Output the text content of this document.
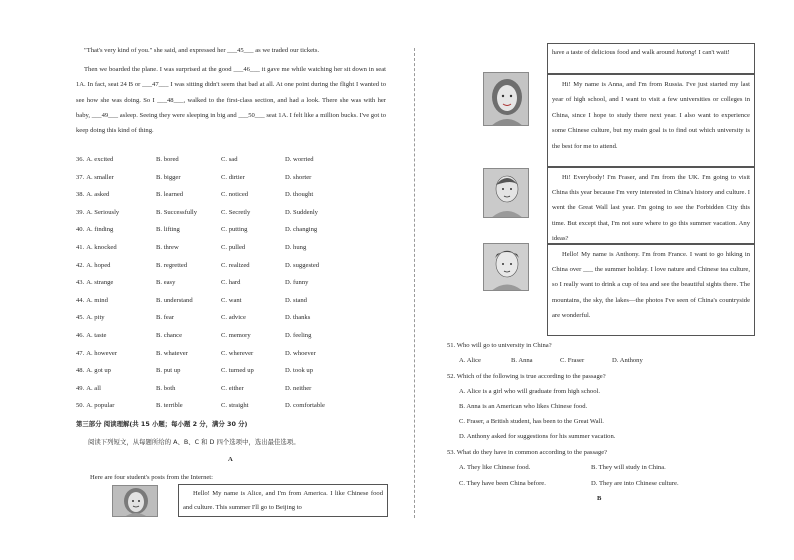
"That's very kind of you." she said, and expressed her ___45___ as we traded our tickets.
Then we boarded the plane. I was surprised at the good ___46___ it gave me while watching her sit down in seat 1A. In fact, seat 24 B or ___47___ I was sitting didn't seem that bad at all. At one point during the flight I wanted to see how she was doing. So I ___48___, walked to the first-class section, and had a look. There she was with her baby, ___49___ asleep. Seeing they were sleeping in big and ___50___ seat 1A. I felt like a million bucks. I've got to keep doing this kind of thing.
36. A. excited	B. bored	C. sad	D. worried
37. A. smaller	B. bigger	C. dirtier	D. shorter
38. A. asked	B. learned	C. noticed	D. thought
39. A. Seriously	B. Successfully	C. Secretly	D. Suddenly
40. A. finding	B. lifting	C. putting	D. changing
41. A. knocked	B. threw	C. pulled	D. hung
42. A. hoped	B. regretted	C. realized	D. suggested
43. A. strange	B. easy	C. hard	D. funny
44. A. mind	B. understand	C. want	D. stand
45. A. pity	B. fear	C. advice	D. thanks
46. A. taste	B. chance	C. memory	D. feeling
47. A. however	B. whatever	C. wherever	D. whoever
48. A. got up	B. put up	C. turned up	D. took up
49. A. all	B. both	C. either	D. neither
50. A. popular	B. terrible	C. straight	D. comfortable
第三部分 阅读理解(共 15 小题；每小题 2 分，满分 30 分)
阅读下列短文，从每题所给的 A、B、C 和 D 四个选项中，选出最佳选项。
A
Here are four student's posts from the Internet:
Hello! My name is Alice, and I'm from America. I like Chinese food and culture. This summer I'll go to Beijing to
have a taste of delicious food and walk around hutong! I can't wait!
Hi! My name is Anna, and I'm from Russia. I've just started my last year of high school, and I want to visit a few universities or colleges in China, since I hope to study there next year. I also want to experience some Chinese culture, but my main goal is to find out which university is the best for me to attend.
Hi! Everybody! I'm Fraser, and I'm from the UK. I'm going to visit China this year because I'm very interested in China's history and culture. I went the Great Wall last year. I'm going to see the Forbidden City this time. But except that, I'm not sure where to go this summer vacation. Any ideas?
Hello! My name is Anthony. I'm from France. I want to go hiking in China over ___ the summer holiday. I love nature and Chinese tea culture, so I really want to drink a cup of tea and see the beautiful sights there. The mountains, the sky, the lakes—the photos I've seen of China's countryside are wonderful.
51. Who will go to university in China?
A. Alice	B. Anna	C. Fraser	D. Anthony
52. Which of the following is true according to the passage?
A. Alice is a girl who will graduate from high school.
B. Anna is an American who likes Chinese food.
C. Fraser, a British student, has been to the Great Wall.
D. Anthony asked for suggestions for his summer vacation.
53. What do they have in common according to the passage?
A. They like Chinese food.	B. They will study in China.
C. They have been China before.	D. They are into Chinese culture.
B
